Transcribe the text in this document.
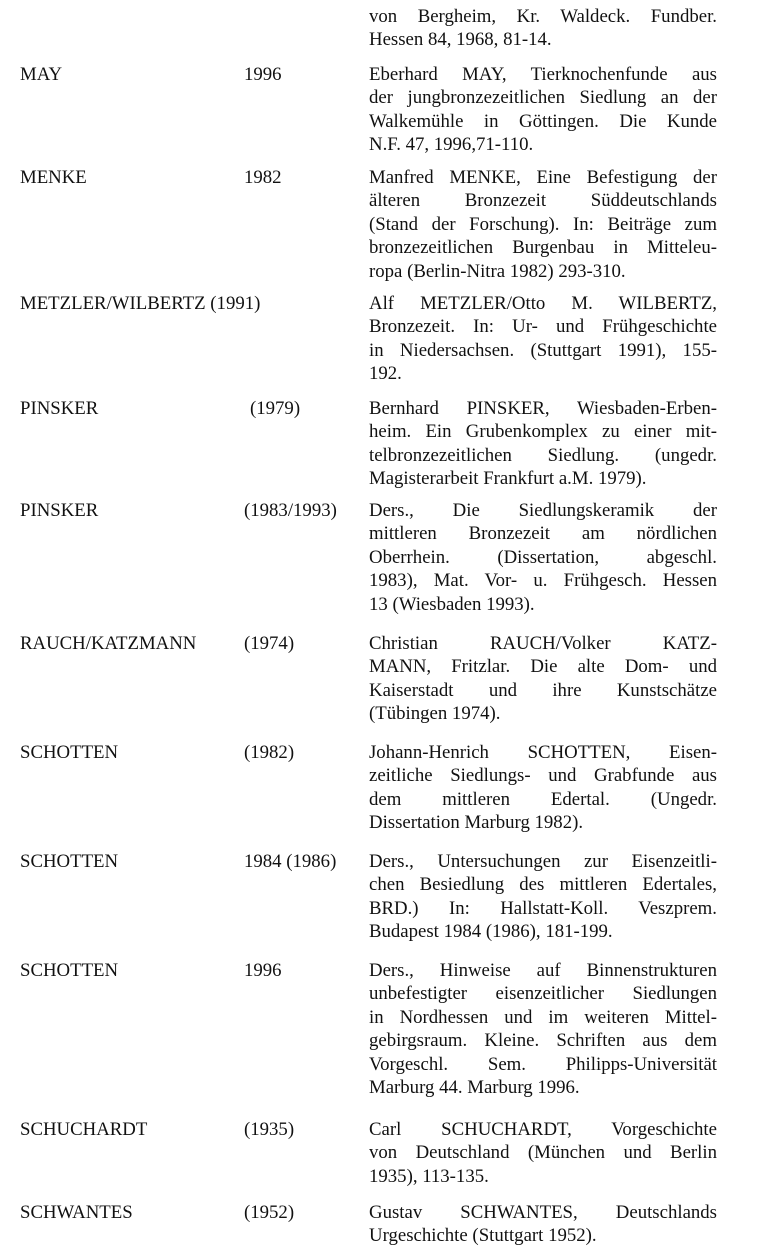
von Bergheim, Kr. Waldeck. Fundber.
Hessen 84, 1968, 81-14.
MAY	1996	Eberhard MAY, Tierknochenfunde aus
der jungbronzezeitlichen Siedlung an der
Walkemühle in Göttingen. Die Kunde
N.F. 47, 1996,71-110.
MENKE	1982	Manfred MENKE, Eine Befestigung der
älteren Bronzezeit Süddeutschlands
(Stand der Forschung). In: Beiträge zum
bronzezeitlichen Burgenbau in Mitteleu-
ropa (Berlin-Nitra 1982) 293-310.
METZLER/WILBERTZ (1991)	Alf METZLER/Otto M. WILBERTZ,
Bronzezeit. In: Ur- und Frühgeschichte
in Niedersachsen. (Stuttgart 1991), 155-
192.
PINSKER	(1979)	Bernhard PINSKER, Wiesbaden-Erben-
heim. Ein Grubenkomplex zu einer mit-
telbronzezeitlichen Siedlung. (ungedr.
Magisterarbeit Frankfurt a.M. 1979).
PINSKER	(1983/1993) Ders., Die Siedlungskeramik der
mittleren Bronzezeit am nördlichen
Oberrhein. (Dissertation, abgeschl.
1983), Mat. Vor- u. Frühgesch. Hessen
13 (Wiesbaden 1993).
RAUCH/KATZMANN	(1974)	Christian RAUCH/Volker KATZ-
MANN, Fritzlar. Die alte Dom- und
Kaiserstadt und ihre Kunstschätze
(Tübingen 1974).
SCHOTTEN	(1982)	Johann-Henrich SCHOTTEN, Eisen-
zeitliche Siedlungs- und Grabfunde aus
dem mittleren Edertal. (Ungedr.
Dissertation Marburg 1982).
SCHOTTEN	1984 (1986) Ders., Untersuchungen zur Eisenzeitli-
chen Besiedlung des mittleren Edertales,
BRD.) In: Hallstatt-Koll. Veszprem.
Budapest 1984 (1986), 181-199.
SCHOTTEN	1996	Ders., Hinweise auf Binnenstrukturen
unbefestigter eisenzeitlicher Siedlungen
in Nordhessen und im weiteren Mittel-
gebirgsraum. Kleine. Schriften aus dem
Vorgeschl. Sem. Philipps-Universität
Marburg 44. Marburg 1996.
SCHUCHARDT	(1935)	Carl SCHUCHARDT, Vorgeschichte
von Deutschland (München und Berlin
1935), 113-135.
SCHWANTES	(1952)	Gustav SCHWANTES, Deutschlands
Urgeschichte (Stuttgart 1952).
